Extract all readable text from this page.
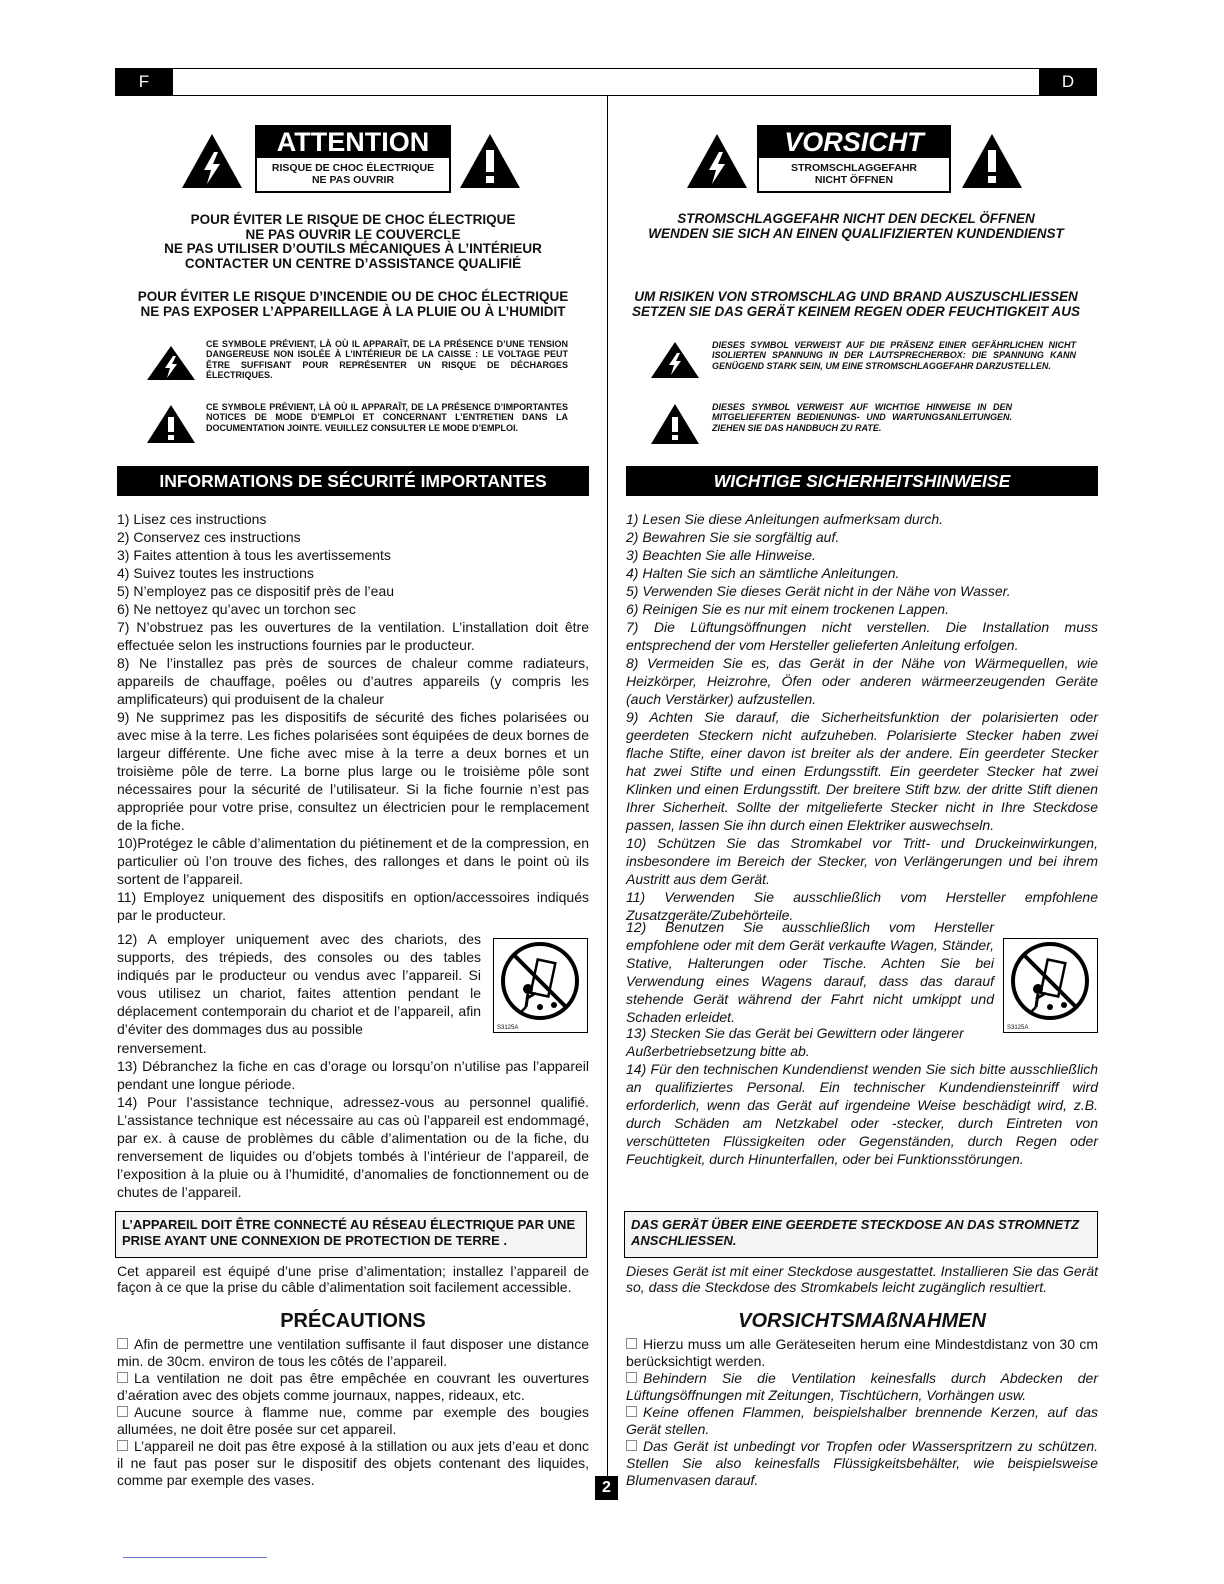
F	D
ATTENTION
RISQUE DE CHOC ÉLECTRIQUE
NE PAS OUVRIR
POUR ÉVITER LE RISQUE DE CHOC ÉLECTRIQUE
NE PAS OUVRIR LE COUVERCLE
NE PAS UTILISER D’OUTILS MÉCANIQUES À L’INTÉRIEUR
CONTACTER UN CENTRE D’ASSISTANCE QUALIFIÉ
POUR ÉVITER LE RISQUE D’INCENDIE OU DE CHOC ÉLECTRIQUE
NE PAS EXPOSER L’APPAREILLAGE À LA PLUIE OU À L’HUMIDIT
CE SYMBOLE PRÉVIENT, LÀ OÙ IL APPARAÎT, DE LA PRÉSENCE D’UNE TENSION DANGEREUSE NON ISOLÉE À L’INTÉRIEUR DE LA CAISSE : LE VOLTAGE PEUT ÊTRE SUFFISANT POUR REPRÉSENTER UN RISQUE DE DÉCHARGES ÉLECTRIQUES.
CE SYMBOLE PRÉVIENT, LÀ OÙ IL APPARAÎT, DE LA PRÉSENCE D’IMPORTANTES NOTICES DE MODE D’EMPLOI ET CONCERNANT L’ENTRETIEN DANS LA DOCUMENTATION JOINTE. VEUILLEZ CONSULTER LE MODE D’EMPLOI.
INFORMATIONS DE SÉCURITÉ IMPORTANTES

1) Lisez ces instructions

2) Conservez ces instructions

3) Faites attention à tous les avertissements

4) Suivez toutes les instructions

5) N’employez pas ce dispositif près de l’eau

6) Ne nettoyez qu’avec un torchon sec

7) N’obstruez pas les ouvertures de la ventilation. L’installation doit être effectuée selon les instructions fournies par le producteur.

8) Ne l’installez pas près de sources de chaleur comme radiateurs, appareils de chauffage, poêles ou d’autres appareils (y compris les amplificateurs) qui produisent de la chaleur

9) Ne supprimez pas les dispositifs de sécurité des fiches polarisées ou avec mise à la terre. Les fiches polarisées sont équipées de deux bornes de largeur différente. Une fiche avec mise à la terre a deux bornes et un troisième pôle de terre. La borne plus large ou le troisième pôle sont nécessaires pour la sécurité de l’utilisateur. Si la fiche fournie n’est pas appropriée pour votre prise, consultez un électricien pour le remplacement de la fiche.

10)Protégez le câble d’alimentation du piétinement et de la compression, en particulier où l’on trouve des fiches, des rallonges et dans le point où ils sortent de l’appareil.

11) Employez uniquement des dispositifs en option/accessoires indiqués par le producteur.

12) A employer uniquement avec des chariots, des supports, des trépieds, des consoles ou des tables indiqués par le producteur ou vendus avec l’appareil. Si vous utilisez un chariot, faites attention pendant le déplacement contemporain du chariot et de l’appareil, afin d’éviter des dommages dus au possible	S3125A
renversement.

13) Débranchez la fiche en cas d’orage ou lorsqu’on n’utilise pas l’appareil pendant une longue période.

14) Pour l’assistance technique, adressez-vous au personnel qualifié. L’assistance technique est nécessaire au cas où l’appareil est endommagé, par ex. à cause de problèmes du câble d’alimentation ou de la fiche, du renversement de liquides ou d’objets tombés à l’intérieur de l’appareil, de l’exposition à la pluie ou à l’humidité, d’anomalies de fonctionnement ou de chutes de l’appareil.

L’APPAREIL DOIT ÊTRE CONNECTÉ AU RÉSEAU ÉLECTRIQUE PAR UNE PRISE AYANT UNE CONNEXION DE PROTECTION DE TERRE .
Cet appareil est équipé d’une prise d’alimentation; installez l’appareil de façon à ce que la prise du câble d’alimentation soit facilement accessible.
PRÉCAUTIONS

Afin de permettre une ventilation suffisante il faut disposer une distance min. de 30cm. environ de tous les côtés de l’appareil.

La ventilation ne doit pas être empêchée en couvrant les ouvertures d’aération avec des objets comme journaux, nappes, rideaux, etc.

Aucune source à flamme nue, comme par exemple des bougies allumées, ne doit être posée sur cet appareil.

L’appareil ne doit pas être exposé à la stillation ou aux jets d’eau et donc il ne faut pas poser sur le dispositif des objets contenant des liquides, comme par exemple des vases.

VORSICHT
STROMSCHLAGGEFAHR
NICHT ÖFFNEN
STROMSCHLAGGEFAHR NICHT DEN DECKEL ÖFFNEN
WENDEN SIE SICH AN EINEN QUALIFIZIERTEN KUNDENDIENST
UM RISIKEN VON STROMSCHLAG UND BRAND AUSZUSCHLIESSEN
SETZEN SIE DAS GERÄT KEINEM REGEN ODER FEUCHTIGKEIT AUS
DIESES SYMBOL VERWEIST AUF DIE PRÄSENZ EINER GEFÄHRLICHEN NICHT ISOLIERTEN SPANNUNG IN DER LAUTSPRECHERBOX: DIE SPANNUNG KANN GENÜGEND STARK SEIN, UM EINE STROMSCHLAGGEFAHR DARZUSTELLEN.
DIESES SYMBOL VERWEIST AUF WICHTIGE HINWEISE IN DEN MITGELIEFERTEN BEDIENUNGS- UND WARTUNGSANLEITUNGEN. ZIEHEN SIE DAS HANDBUCH ZU RATE.
WICHTIGE SICHERHEITSHINWEISE

1) Lesen Sie diese Anleitungen aufmerksam durch.

2) Bewahren Sie sie sorgfältig auf.

3) Beachten Sie alle Hinweise.

4) Halten Sie sich an sämtliche Anleitungen.

5) Verwenden Sie dieses Gerät nicht in der Nähe von Wasser.

6) Reinigen Sie es nur mit einem trockenen Lappen.

7) Die Lüftungsöffnungen nicht verstellen. Die Installation muss entsprechend der vom Hersteller gelieferten Anleitung erfolgen.

8) Vermeiden Sie es, das Gerät in der Nähe von Wärmequellen, wie Heizkörper, Heizrohre, Öfen oder anderen wärmeerzeugenden Geräte (auch Verstärker) aufzustellen.

9) Achten Sie darauf, die Sicherheitsfunktion der polarisierten oder geerdeten Steckern nicht aufzuheben. Polarisierte Stecker haben zwei flache Stifte, einer davon ist breiter als der andere. Ein geerdeter Stecker hat zwei Stifte und einen Erdungsstift. Ein geerdeter Stecker hat zwei Klinken und einen Erdungsstift. Der breitere Stift bzw. der dritte Stift dienen Ihrer Sicherheit. Sollte der mitgelieferte Stecker nicht in Ihre Steckdose passen, lassen Sie ihn durch einen Elektriker auswechseln.

10) Schützen Sie das Stromkabel vor Tritt- und Druckeinwirkungen, insbesondere im Bereich der Stecker, von Verlängerungen und bei ihrem Austritt aus dem Gerät.

11) Verwenden Sie ausschließlich vom Hersteller empfohlene Zusatzgeräte/Zubehörteile.

12) Benutzen Sie ausschließlich vom Hersteller empfohlene oder mit dem Gerät verkaufte Wagen, Ständer, Stative, Halterungen oder Tische. Achten Sie bei Verwendung eines Wagens darauf, dass das darauf stehende Gerät während der Fahrt nicht umkippt und Schaden erleidet.
13) Stecken Sie das Gerät bei Gewittern oder längerer	S3125A
Außerbetriebsetzung bitte ab.
14) Für den technischen Kundendienst wenden Sie sich bitte ausschließlich an qualifiziertes Personal. Ein technischer Kundendiensteinriff wird erforderlich, wenn das Gerät auf irgendeine Weise beschädigt wird, z.B. durch Schäden am Netzkabel oder -stecker, durch Eintreten von verschütteten Flüssigkeiten oder Gegenständen, durch Regen oder Feuchtigkeit, durch Hinunterfallen, oder bei Funktionsstörungen.
DAS GERÄT ÜBER EINE GEERDETE STECKDOSE AN DAS STROMNETZ ANSCHLIESSEN.
Dieses Gerät ist mit einer Steckdose ausgestattet. Installieren Sie das Gerät so, dass die Steckdose des Stromkabels leicht zugänglich resultiert.
VORSICHTSMAßNAHMEN

Hierzu muss um alle Geräteseiten herum eine Mindestdistanz von 30 cm berücksichtigt werden.

Behindern Sie die Ventilation keinesfalls durch Abdecken der Lüftungsöffnungen mit Zeitungen, Tischtüchern, Vorhängen usw.

Keine offenen Flammen, beispielshalber brennende Kerzen, auf das Gerät stellen.

Das Gerät ist unbedingt vor Tropfen oder Wasserspritzern zu schützen. Stellen Sie also keinesfalls Flüssigkeitsbehälter, wie beispielsweise Blumenvasen darauf.

2
